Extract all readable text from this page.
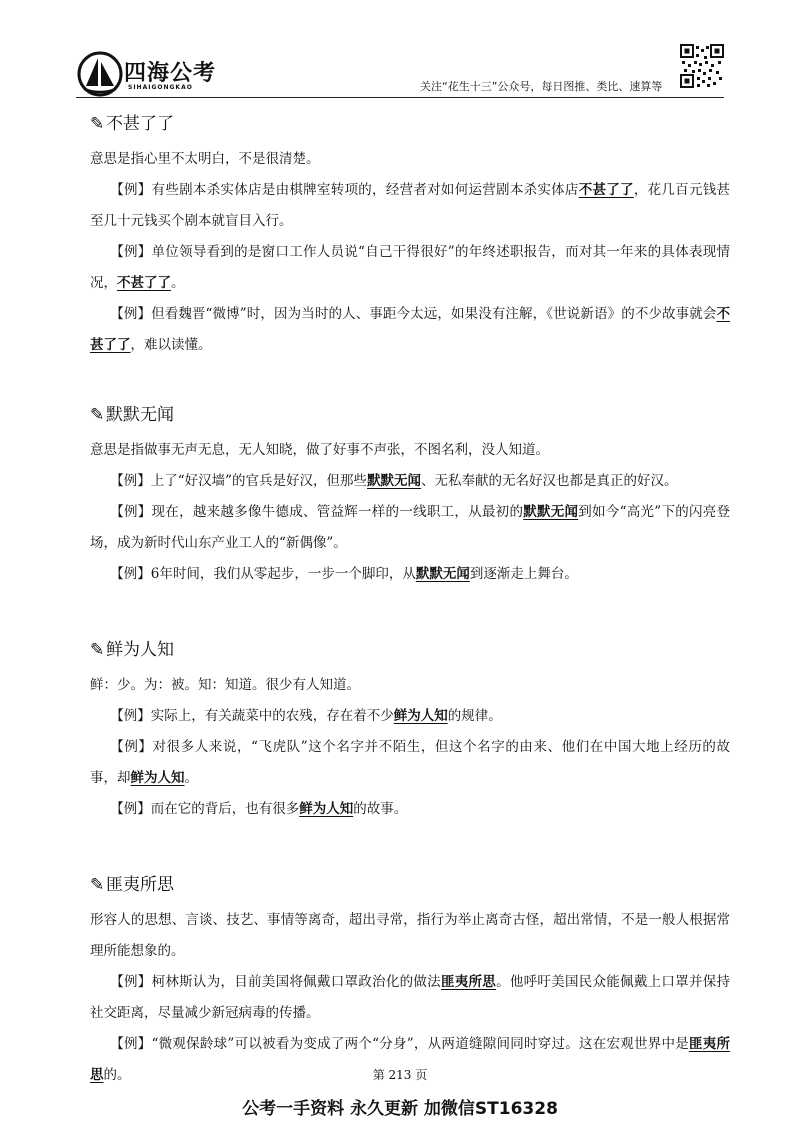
四海公考
SIHAIGONGKAO	关注“花生十三”公众号，每日图推、类比、速算等
✎ 不甚了了

意思是指心里不太明白，不是很清楚。

【例】有些剧本杀实体店是由棋牌室转项的，经营者对如何运营剧本杀实体店不甚了了，花几百元钱甚至几十元钱买个剧本就盲目入行。

【例】单位领导看到的是窗口工作人员说“自己干得很好”的年终述职报告，而对其一年来的具体表现情况，不甚了了。

【例】但看魏晋“微博”时，因为当时的人、事距今太远，如果没有注解，《世说新语》的不少故事就会不甚了了，难以读懂。

✎ 默默无闻

意思是指做事无声无息，无人知晓，做了好事不声张，不图名利，没人知道。

【例】上了“好汉墙”的官兵是好汉，但那些默默无闻、无私奉献的无名好汉也都是真正的好汉。

【例】现在，越来越多像牛德成、管益辉一样的一线职工，从最初的默默无闻到如今“高光”下的闪亮登场，成为新时代山东产业工人的“新偶像”。

【例】6年时间，我们从零起步，一步一个脚印，从默默无闻到逐渐走上舞台。

✎ 鲜为人知

鲜：少。为：被。知：知道。很少有人知道。

【例】实际上，有关蔬菜中的农残，存在着不少鲜为人知的规律。

【例】对很多人来说，“飞虎队”这个名字并不陌生，但这个名字的由来、他们在中国大地上经历的故事，却鲜为人知。

【例】而在它的背后，也有很多鲜为人知的故事。

✎ 匪夷所思

形容人的思想、言谈、技艺、事情等离奇，超出寻常，指行为举止离奇古怪，超出常情，不是一般人根据常理所能想象的。

【例】柯林斯认为，目前美国将佩戴口罩政治化的做法匪夷所思。他呼吁美国民众能佩戴上口罩并保持社交距离，尽量减少新冠病毒的传播。

【例】“微观保龄球”可以被看为变成了两个“分身”，从两道缝隙间同时穿过。这在宏观世界中是匪夷所思的。	第 213 页
公考一手资料 永久更新 加微信ST16328
